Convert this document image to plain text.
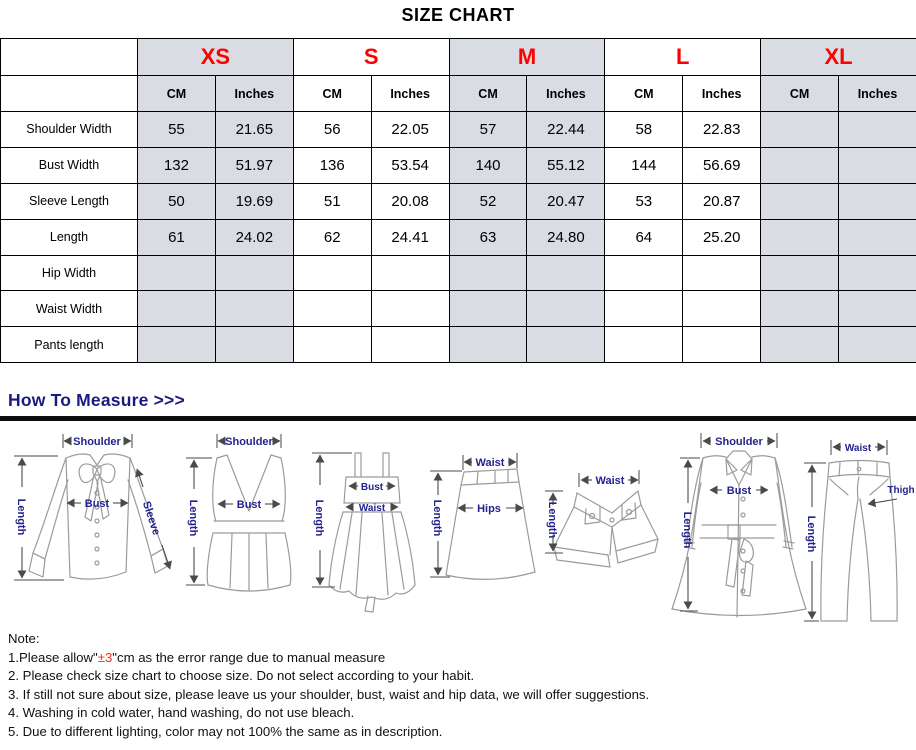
SIZE CHART
	XS		S		M		L		XL	
	CM	Inches	CM	Inches	CM	Inches	CM	Inches	CM	Inches
Shoulder Width	55	21.65	56	22.05	57	22.44	58	22.83		
Bust Width	132	51.97	136	53.54	140	55.12	144	56.69		
Sleeve Length	50	19.69	51	20.08	52	20.47	53	20.87		
Length	61	24.02	62	24.41	63	24.80	64	25.20		
Hip Width										
Waist Width										
Pants length										
How To Measure >>>
Shoulder
Bust
Length	Sleeve
Shoulder
Bust
Length
Bust
Waist
Length
Waist
Hips
Length
Waist
Length
Shoulder
Bust
Length
Waist
Thigh
Length
Note:
1.Please allow"±3"cm as the error range due to manual measure
2. Please check size chart to choose size. Do not select according to your habit.
3. If still not sure about size, please leave us your shoulder, bust, waist and hip data, we will offer suggestions.
4. Washing in cold water, hand washing, do not use bleach.
5. Due to different lighting, color may not 100% the same as in description.
